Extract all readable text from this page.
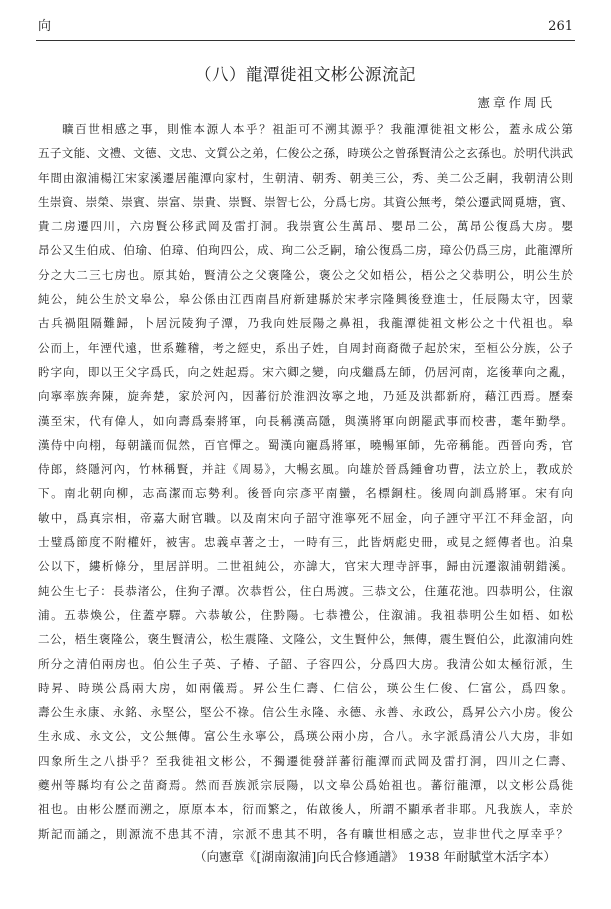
向	261
（八）龍潭徙祖文彬公源流記
憲章作周氏
曠百世相感之事，則惟本源人本乎？祖詎可不溯其源乎？我龍潭徙祖文彬公，蓋永成公第
五子文能、文禮、文德、文忠、文質公之弟，仁俊公之孫，時瑛公之曾孫賢清公之玄孫也。於明代洪武
年間由溆浦楊江宋家溪遷居龍潭向家村，生朝清、朝秀、朝美三公，秀、美二公乏嗣，我朝清公則
生崇資、崇榮、崇賓、崇富、崇貴、崇賢、崇智七公，分爲七房。其資公無考，榮公遷武岡覓塘，賓、
貴二房遷四川，六房賢公移武岡及雷打洞。我崇賓公生萬昂、嬰昂二公，萬昂公復爲大房。嬰
昂公又生伯成、伯瑜、伯璋、伯珣四公，成、珣二公乏嗣，瑜公復爲二房，璋公仍爲三房，此龍潭所
分之大二三七房也。原其始，賢清公之父褒隆公，褒公之父如梧公，梧公之父恭明公，明公生於
純公，純公生於文皋公，皋公係由江西南昌府新建縣於宋孝宗隆興後登進士，任辰陽太守，因蒙
古兵禍阻隔難歸，卜居沅陵狗子潭，乃我向姓辰陽之鼻祖，我龍潭徙祖文彬公之十代祖也。皋
公而上，年湮代遠，世系難稽，考之經史，系出子姓，自周封商裔微子起於宋，至桓公分族，公子
盻字向，即以王父字爲氏，向之姓起焉。宋六卿之變，向戌繼爲左師，仍居河南，迄後華向之亂，
向寧率族奔陳，旋奔楚，家於河內，因蕃衍於淮泗汝寧之地，乃延及洪都新府，藉江西焉。歷秦
漢至宋，代有偉人，如向壽爲秦將軍，向長稱漢高隱，與漢將軍向朗罷武事而校書，耄年勤學。
漢侍中向栩，每朝議而侃然，百官憚之。蜀漢向寵爲將軍，曉暢軍師，先帝稱能。西晉向秀，官
侍郎，終隱河內，竹林稱賢，并註《周易》，大暢玄風。向雄於晉爲鍾會功曹，法立於上，教成於
下。南北朝向柳，志高潔而忘勢利。後晉向宗彥平南蠻，名標銅柱。後周向訓爲將軍。宋有向
敏中，爲真宗相，帝嘉大耐官職。以及南宋向子韶守淮寧死不屈金，向子諲守平江不拜金詔，向
士璧爲節度不附權奸，被害。忠義卓著之士，一時有三，此皆炳彪史冊，或見之經傳者也。泊臬
公以下，縷析條分，里居詳明。二世祖純公，亦諱大，官宋大理寺評事，歸由沅遷溆浦朝錯溪。
純公生七子：長恭渚公，住狗子潭。次恭哲公，住白馬渡。三恭文公，住蓮花池。四恭明公，住溆
浦。五恭煥公，住蓋亭驛。六恭敏公，住黔陽。七恭禮公，住溆浦。我祖恭明公生如梧、如松
二公，梧生褒隆公，褒生賢清公，松生震隆、文隆公，文生賢仲公，無傳，震生賢伯公，此溆浦向姓
所分之清伯兩房也。伯公生子英、子椿、子韶、子容四公，分爲四大房。我清公如太極衍派，生
時昇、時瑛公爲兩大房，如兩儀焉。昇公生仁壽、仁信公，瑛公生仁俊、仁富公，爲四象。
壽公生永康、永銘、永堅公，堅公不祿。信公生永隆、永德、永善、永政公，爲昇公六小房。俊公
生永成、永文公，文公無傳。富公生永寧公，爲瑛公兩小房，合八。永字派爲清公八大房，非如
四象所生之八掛乎？至我徙祖文彬公，不獨遷徙發詳蕃衍龍潭而武岡及雷打洞，四川之仁壽、
夔州等縣均有公之苗裔焉。然而吾族派宗辰陽，以文皋公爲始祖也。蕃衍龍潭，以文彬公爲徙
祖也。由彬公歷而溯之，原原本本，衍而繁之，佑啟後人，所謂不顯承者非耶。凡我族人，幸於
斯記而誦之，則源流不患其不清，宗派不患其不明，各有曠世相感之志，豈非世代之厚幸乎？
（向憲章《[湖南溆浦]向氏合修通譜》 1938 年耐賦堂木活字本）
